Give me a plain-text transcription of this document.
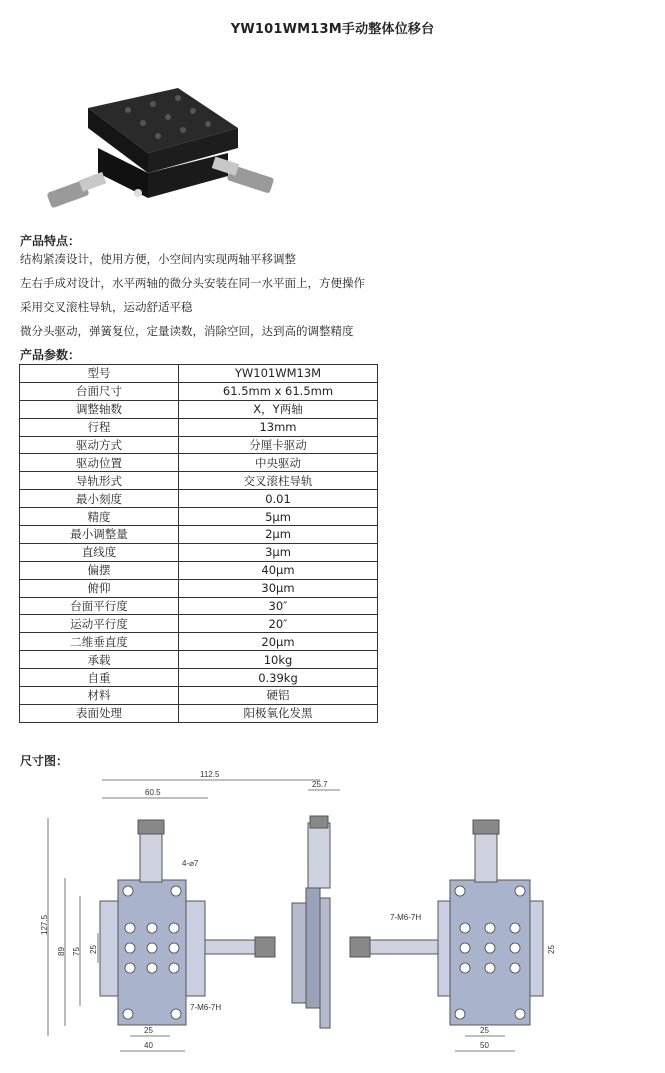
YW101WM13M手动整体位移台
产品特点：
结构紧凑设计，使用方便，小空间内实现两轴平移调整
左右手成对设计，水平两轴的微分头安装在同一水平面上，方便操作
采用交叉滚柱导轨，运动舒适平稳
微分头驱动，弹簧复位，定量读数，消除空回，达到高的调整精度
产品参数：
型号	YW101WM13M
台面尺寸	61.5mm x 61.5mm
调整轴数	X，Y两轴
行程	13mm
驱动方式	分厘卡驱动
驱动位置	中央驱动
导轨形式	交叉滚柱导轨
最小刻度	0.01
精度	5μm
最小调整量	2μm
直线度	3μm
偏摆	40μm
俯仰	30μm
台面平行度	30″
运动平行度	20″
二维垂直度	20μm
承载	10kg
自重	0.39kg
材料	硬铝
表面处理	阳极氧化发黑
尺寸图：
112.5
60.5
25.7
127.5
89 75 25
25
40
25
50
25
4-⌀7
7-M6-7H
7-M6-7H
